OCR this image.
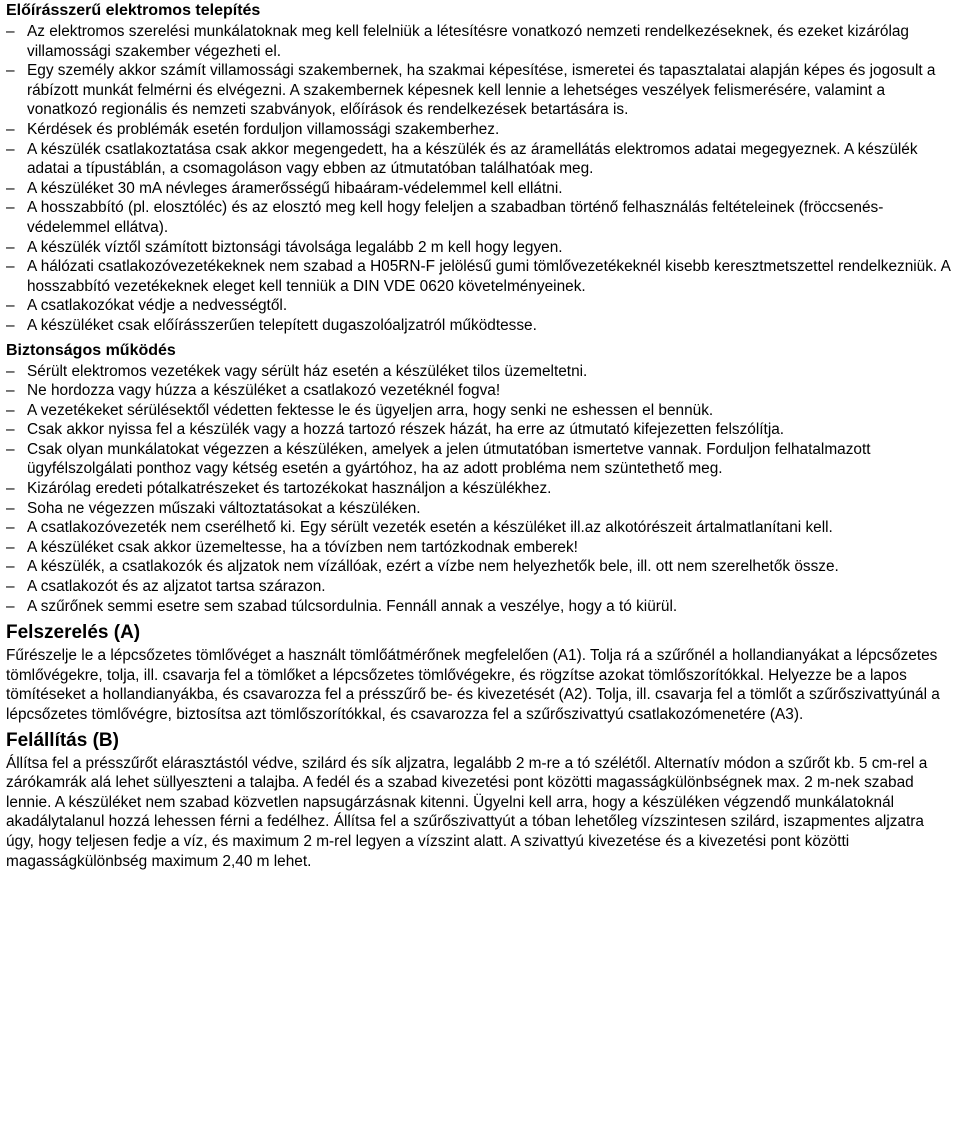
Előírásszerű elektromos telepítés
– Az elektromos szerelési munkálatoknak meg kell felelniük a létesítésre vonatkozó nemzeti rendelkezéseknek, és ezeket kizárólag villamossági szakember végezheti el.
– Egy személy akkor számít villamossági szakembernek, ha szakmai képesítése, ismeretei és tapasztalatai alapján képes és jogosult a rábízott munkát felmérni és elvégezni. A szakembernek képesnek kell lennie a lehetséges veszélyek felismerésére, valamint a vonatkozó regionális és nemzeti szabványok, előírások és rendelkezések betartására is.
– Kérdések és problémák esetén forduljon villamossági szakemberhez.
– A készülék csatlakoztatása csak akkor megengedett, ha a készülék és az áramellátás elektromos adatai megegyeznek. A készülék adatai a típustáblán, a csomagoláson vagy ebben az útmutatóban találhatóak meg.
– A készüléket 30 mA névleges áramerősségű hibaáram-védelemmel kell ellátni.
– A hosszabbító (pl. elosztóléc) és az elosztó meg kell hogy feleljen a szabadban történő felhasználás feltételeinek (fröccsenés-védelemmel ellátva).
– A készülék víztől számított biztonsági távolsága legalább 2 m kell hogy legyen.
– A hálózati csatlakozóvezetékeknek nem szabad a H05RN-F jelölésű gumi tömlővezetékeknél kisebb keresztmetszettel rendelkezniük. A hosszabbító vezetékeknek eleget kell tenniük a DIN VDE 0620 követelményeinek.
– A csatlakozókat védje a nedvességtől.
– A készüléket csak előírásszerűen telepített dugaszolóaljzatról működtesse.
Biztonságos működés
– Sérült elektromos vezetékek vagy sérült ház esetén a készüléket tilos üzemeltetni.
– Ne hordozza vagy húzza a készüléket a csatlakozó vezetéknél fogva!
– A vezetékeket sérülésektől védetten fektesse le és ügyeljen arra, hogy senki ne eshessen el bennük.
– Csak akkor nyissa fel a készülék vagy a hozzá tartozó részek házát, ha erre az útmutató kifejezetten felszólítja.
– Csak olyan munkálatokat végezzen a készüléken, amelyek a jelen útmutatóban ismertetve vannak. Forduljon felhatalmazott ügyfélszolgálati ponthoz vagy kétség esetén a gyártóhoz, ha az adott probléma nem szüntethető meg.
– Kizárólag eredeti pótalkatrészeket és tartozékokat használjon a készülékhez.
– Soha ne végezzen műszaki változtatásokat a készüléken.
– A csatlakozóvezeték nem cserélhető ki. Egy sérült vezeték esetén a készüléket ill.az alkotórészeit ártalmatlanítani kell.
– A készüléket csak akkor üzemeltesse, ha a tóvízben nem tartózkodnak emberek!
– A készülék, a csatlakozók és aljzatok nem vízállóak, ezért a vízbe nem helyezhetők bele, ill. ott nem szerelhetők össze.
– A csatlakozót és az aljzatot tartsa szárazon.
– A szűrőnek semmi esetre sem szabad túlcsordulnia. Fennáll annak a veszélye, hogy a tó kiürül.
Felszerelés (A)

Fűrészelje le a lépcsőzetes tömlővéget a használt tömlőátmérőnek megfelelően (A1). Tolja rá a szűrőnél a hollandianyákat a lépcsőzetes tömlővégekre, tolja, ill. csavarja fel a tömlőket a lépcsőzetes tömlővégekre, és rögzítse azokat tömlőszorítókkal. Helyezze be a lapos tömítéseket a hollandianyákba, és csavarozza fel a présszűrő be- és kivezetését (A2). Tolja, ill. csavarja fel a tömlőt a szűrőszivattyúnál a lépcsőzetes tömlővégre, biztosítsa azt tömlőszorítókkal, és csavarozza fel a szűrőszivattyú csatlakozómenetére (A3).

Felállítás (B)

Állítsa fel a présszűrőt elárasztástól védve, szilárd és sík aljzatra, legalább 2 m-re a tó szélétől. Alternatív módon a szűrőt kb. 5 cm-rel a zárókamrák alá lehet süllyeszteni a talajba. A fedél és a szabad kivezetési pont közötti magasságkülönbségnek max. 2 m-nek szabad lennie. A készüléket nem szabad közvetlen napsugárzásnak kitenni. Ügyelni kell arra, hogy a készüléken végzendő munkálatoknál akadálytalanul hozzá lehessen férni a fedélhez. Állítsa fel a szűrőszivattyút a tóban lehetőleg vízszintesen szilárd, iszapmentes aljzatra úgy, hogy teljesen fedje a víz, és maximum 2 m-rel legyen a vízszint alatt. A szivattyú kivezetése és a kivezetési pont közötti magasságkülönbség maximum 2,40 m lehet.
